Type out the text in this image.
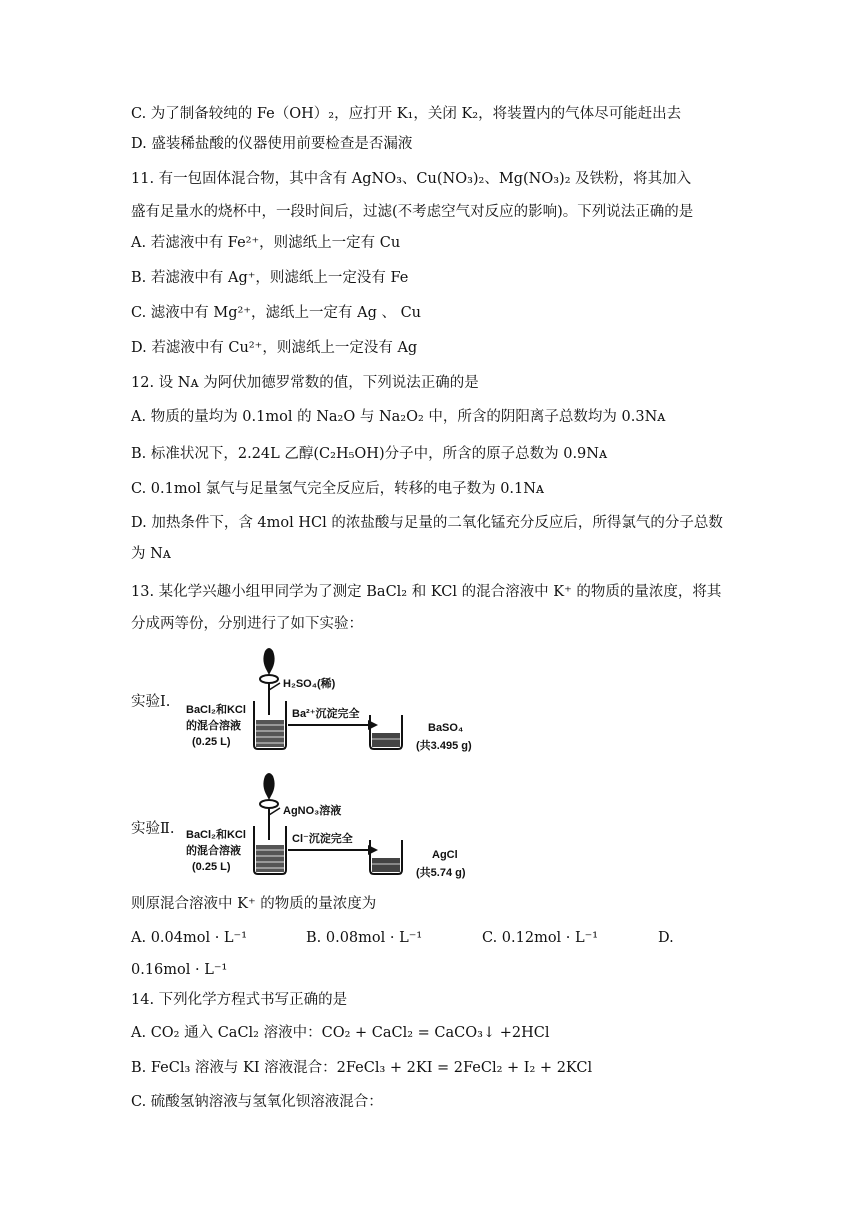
C. 为了制备较纯的 Fe（OH）₂，应打开 K₁，关闭 K₂，将装置内的气体尽可能赶出去
D. 盛装稀盐酸的仪器使用前要检查是否漏液
11. 有一包固体混合物，其中含有 AgNO₃、Cu(NO₃)₂、Mg(NO₃)₂ 及铁粉，将其加入
盛有足量水的烧杯中，一段时间后，过滤(不考虑空气对反应的影响)。下列说法正确的是
A. 若滤液中有 Fe²⁺，则滤纸上一定有 Cu
B. 若滤液中有 Ag⁺，则滤纸上一定没有 Fe
C. 滤液中有 Mg²⁺，滤纸上一定有 Ag 、 Cu
D. 若滤液中有 Cu²⁺，则滤纸上一定没有 Ag
12. 设 Nᴀ 为阿伏加德罗常数的值，下列说法正确的是
A. 物质的量均为 0.1mol 的 Na₂O 与 Na₂O₂ 中，所含的阴阳离子总数均为 0.3Nᴀ
B. 标准状况下，2.24L 乙醇(C₂H₅OH)分子中，所含的原子总数为 0.9Nᴀ
C. 0.1mol 氯气与足量氢气完全反应后，转移的电子数为 0.1Nᴀ
D. 加热条件下，含 4mol HCl 的浓盐酸与足量的二氧化锰充分反应后，所得氯气的分子总数
为 Nᴀ
13. 某化学兴趣小组甲同学为了测定 BaCl₂ 和 KCl 的混合溶液中 K⁺ 的物质的量浓度，将其
分成两等份，分别进行了如下实验：
实验Ⅰ.
H₂SO₄(稀)
BaCl₂和KCl
的混合溶液
(0.25 L)
Ba²⁺沉淀完全
BaSO₄
(共3.495 g)
实验Ⅱ.
AgNO₃溶液
BaCl₂和KCl
的混合溶液
(0.25 L)
Cl⁻沉淀完全
AgCl
(共5.74 g)
则原混合溶液中 K⁺ 的物质的量浓度为
A. 0.04mol · L⁻¹	B. 0.08mol · L⁻¹	C. 0.12mol · L⁻¹	D.
0.16mol · L⁻¹
14. 下列化学方程式书写正确的是
A. CO₂ 通入 CaCl₂ 溶液中：CO₂ + CaCl₂ = CaCO₃↓ +2HCl
B. FeCl₃ 溶液与 KI 溶液混合：2FeCl₃ + 2KI = 2FeCl₂ + I₂ + 2KCl
C. 硫酸氢钠溶液与氢氧化钡溶液混合：
